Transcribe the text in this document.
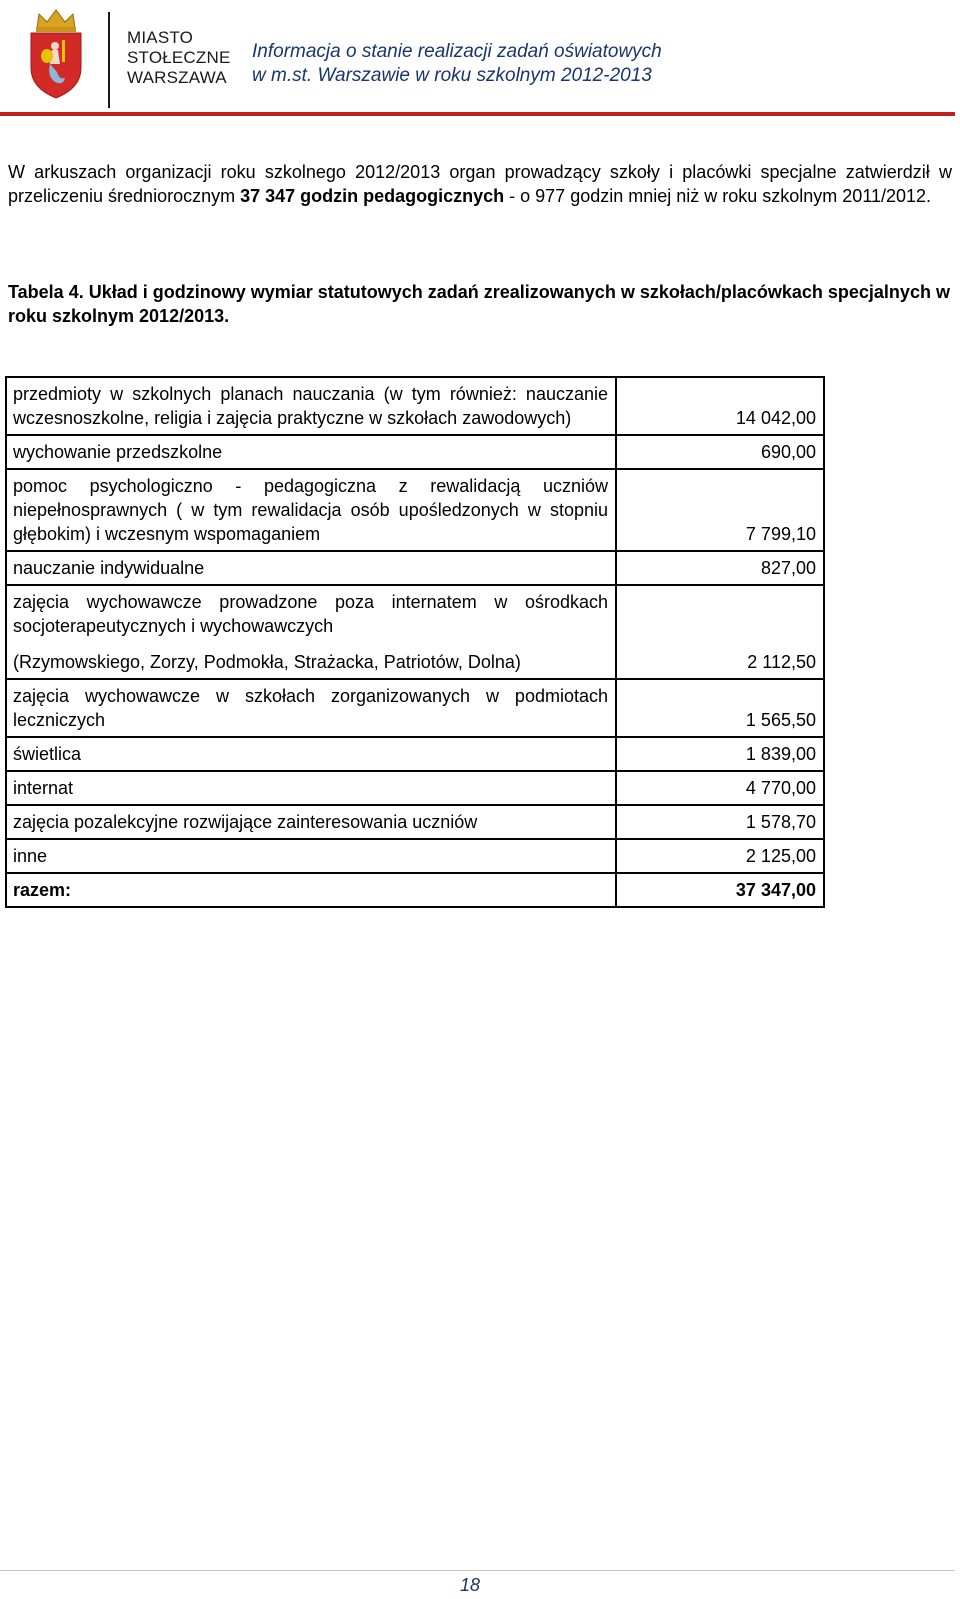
MIASTO
STOŁECZNE
WARSZAWA
Informacja o stanie realizacji zadań oświatowych
w m.st. Warszawie w roku szkolnym 2012-2013

W arkuszach organizacji roku szkolnego 2012/2013 organ prowadzący szkoły i placówki specjalne zatwierdził w przeliczeniu średniorocznym 37 347 godzin pedagogicznych - o 977 godzin mniej niż w roku szkolnym 2011/2012.

Tabela 4. Układ i godzinowy wymiar statutowych zadań zrealizowanych w szkołach/placówkach specjalnych w roku szkolnym 2012/2013.

przedmioty w szkolnych planach nauczania (w tym również: nauczanie wczesnoszkolne, religia i zajęcia praktyczne w szkołach zawodowych)	14 042,00
wychowanie przedszkolne	690,00
pomoc psychologiczno - pedagogiczna z rewalidacją uczniów niepełnosprawnych ( w tym rewalidacja osób upośledzonych w stopniu głębokim) i wczesnym wspomaganiem	7 799,10
nauczanie indywidualne	827,00

zajęcia wychowawcze prowadzone poza internatem w ośrodkach socjoterapeutycznych i wychowawczych
(Rzymowskiego, Zorzy, Podmokła, Strażacka, Patriotów, Dolna)	2 112,50
zajęcia wychowawcze w szkołach zorganizowanych w podmiotach leczniczych	1 565,50
świetlica	1 839,00
internat	4 770,00
zajęcia pozalekcyjne rozwijające zainteresowania uczniów	1 578,70
inne	2 125,00
razem:	37 347,00
18
